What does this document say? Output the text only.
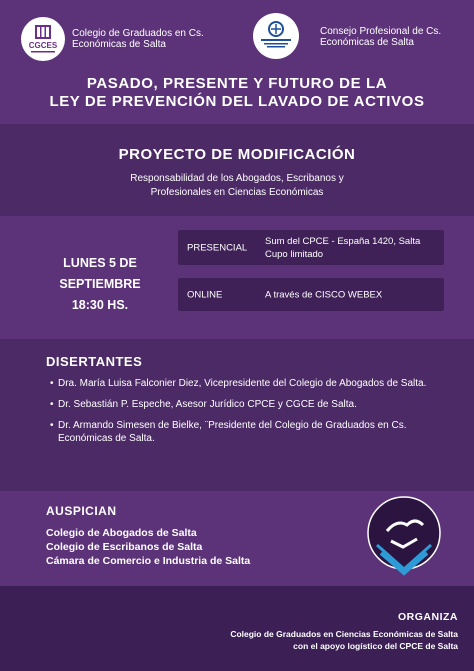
CGCES
Colegio de Graduados en Cs. Económicas de Salta
Consejo Profesional de Cs. Económicas de Salta
PASADO, PRESENTE Y FUTURO DE LA
LEY DE PREVENCIÓN DEL LAVADO DE ACTIVOS
PROYECTO DE MODIFICACIÓN
Responsabilidad de los Abogados, Escribanos y Profesionales en Ciencias Económicas
LUNES 5 DE
SEPTIEMBRE
18:30 HS.
PRESENCIAL
Sum del CPCE - España 1420, Salta
Cupo limitado
ONLINE	A través de CISCO WEBEX
DISERTANTES
• Dra. María Luisa Falconier Diez, Vicepresidente del Colegio de Abogados de Salta.
• Dr. Sebastián P. Espeche, Asesor Jurídico CPCE y CGCE de Salta.
• Dr. Armando Simesen de Bielke, ¨Presidente del Colegio de Graduados en Cs. Económicas de Salta.
AUSPICIAN
Colegio de Abogados de Salta
Colegio de Escribanos de Salta
Cámara de Comercio e Industria de Salta
ORGANIZA
Colegio de Graduados en Ciencias Económicas de Salta
con el apoyo logístico del CPCE de Salta
